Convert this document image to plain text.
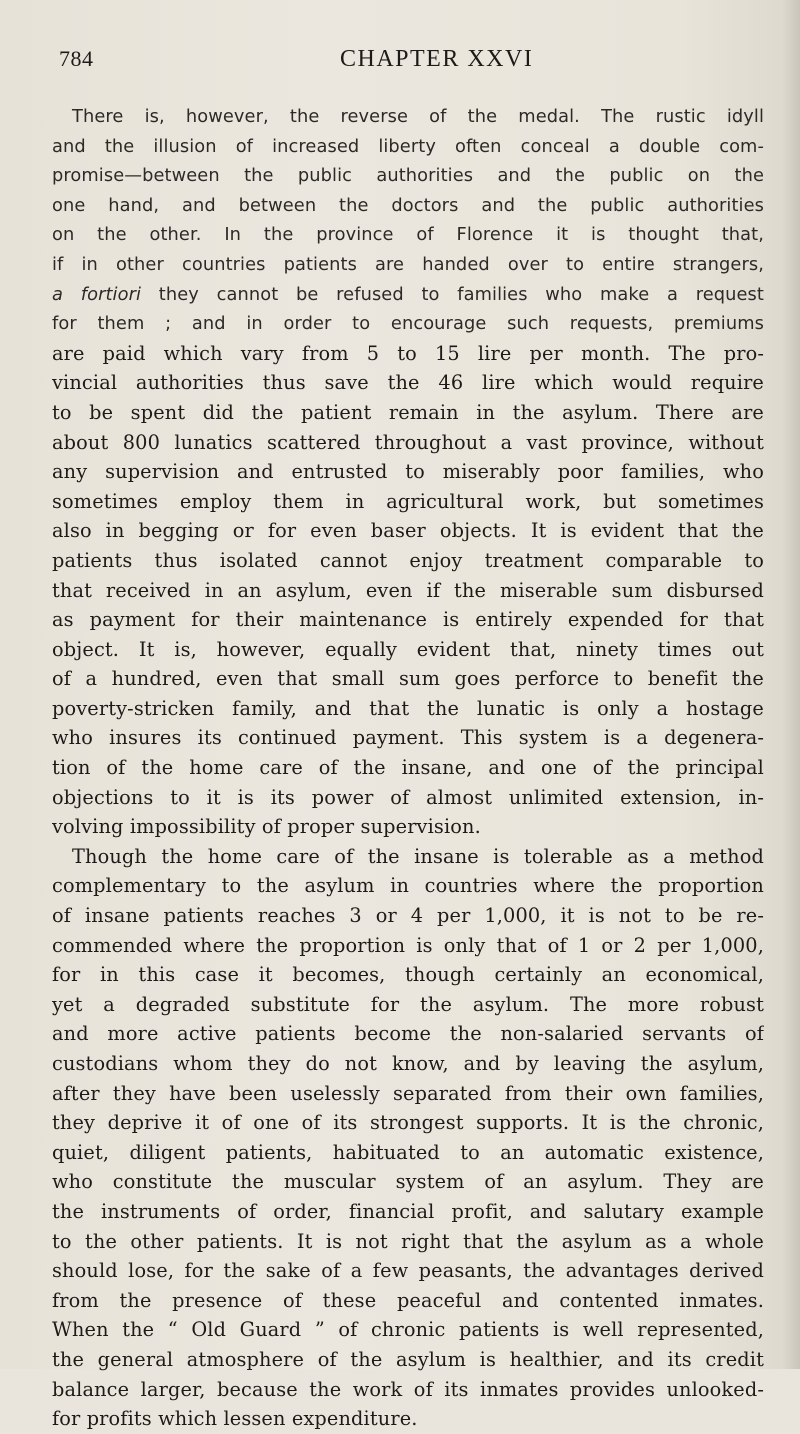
784	CHAPTER XXVI
There is, however, the reverse of the medal. The rustic idyll
and the illusion of increased liberty often conceal a double com-
promise—between the public authorities and the public on the
one hand, and between the doctors and the public authorities
on the other. In the province of Florence it is thought that,
if in other countries patients are handed over to entire strangers,
a fortiori they cannot be refused to families who make a request
for them ; and in order to encourage such requests, premiums
are paid which vary from 5 to 15 lire per month. The pro-
vincial authorities thus save the 46 lire which would require
to be spent did the patient remain in the asylum. There are
about 800 lunatics scattered throughout a vast province, without
any supervision and entrusted to miserably poor families, who
sometimes employ them in agricultural work, but sometimes
also in begging or for even baser objects. It is evident that the
patients thus isolated cannot enjoy treatment comparable to
that received in an asylum, even if the miserable sum disbursed
as payment for their maintenance is entirely expended for that
object. It is, however, equally evident that, ninety times out
of a hundred, even that small sum goes perforce to benefit the
poverty-stricken family, and that the lunatic is only a hostage
who insures its continued payment. This system is a degenera-
tion of the home care of the insane, and one of the principal
objections to it is its power of almost unlimited extension, in-
volving impossibility of proper supervision.
Though the home care of the insane is tolerable as a method
complementary to the asylum in countries where the proportion
of insane patients reaches 3 or 4 per 1,000, it is not to be re-
commended where the proportion is only that of 1 or 2 per 1,000,
for in this case it becomes, though certainly an economical,
yet a degraded substitute for the asylum. The more robust
and more active patients become the non-salaried servants of
custodians whom they do not know, and by leaving the asylum,
after they have been uselessly separated from their own families,
they deprive it of one of its strongest supports. It is the chronic,
quiet, diligent patients, habituated to an automatic existence,
who constitute the muscular system of an asylum. They are
the instruments of order, financial profit, and salutary example
to the other patients. It is not right that the asylum as a whole
should lose, for the sake of a few peasants, the advantages derived
from the presence of these peaceful and contented inmates.
When the “ Old Guard ” of chronic patients is well represented,
the general atmosphere of the asylum is healthier, and its credit
balance larger, because the work of its inmates provides unlooked-
for profits which lessen expenditure.
